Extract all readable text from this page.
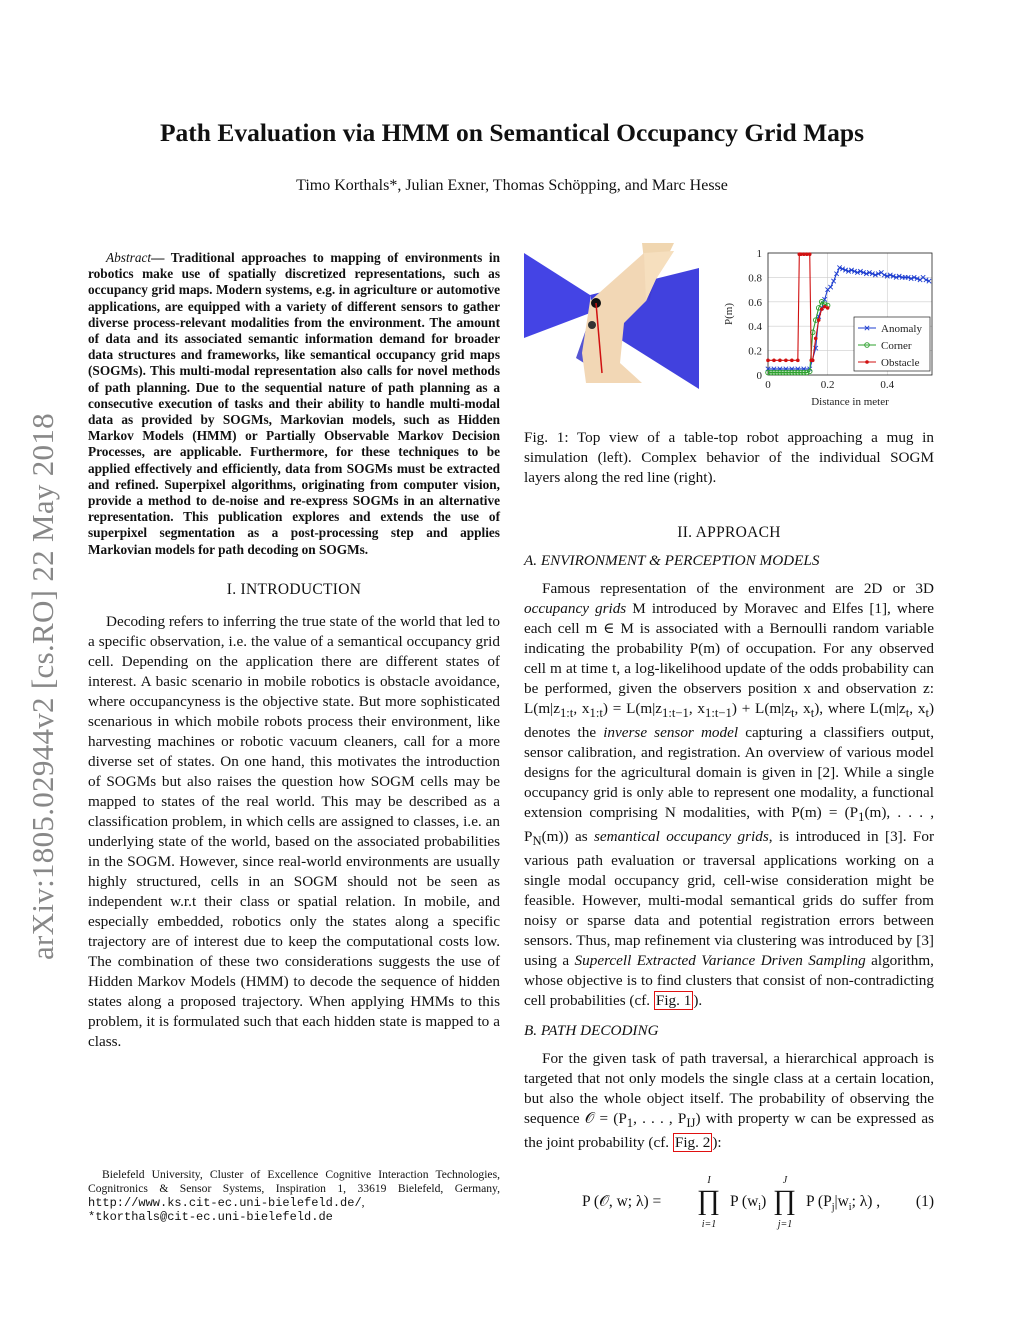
arXiv:1805.02944v2 [cs.RO] 22 May 2018
Path Evaluation via HMM on Semantical Occupancy Grid Maps
Timo Korthals*, Julian Exner, Thomas Schöpping, and Marc Hesse

Abstract— Traditional approaches to mapping of environments in robotics make use of spatially discretized representations, such as occupancy grid maps. Modern systems, e.g. in agriculture or automotive applications, are equipped with a variety of different sensors to gather diverse process-relevant modalities from the environment. The amount of data and its associated semantic information demand for broader data structures and frameworks, like semantical occupancy grid maps (SOGMs). This multi-modal representation also calls for novel methods of path planning. Due to the sequential nature of path planning as a consecutive execution of tasks and their ability to handle multi-modal data as provided by SOGMs, Markovian models, such as Hidden Markov Models (HMM) or Partially Observable Markov Decision Processes, are applicable. Furthermore, for these techniques to be applied effectively and efficiently, data from SOGMs must be extracted and refined. Superpixel algorithms, originating from computer vision, provide a method to de-noise and re-express SOGMs in an alternative representation. This publication explores and extends the use of superpixel segmentation as a post-processing step and applies Markovian models for path decoding on SOGMs.

I. INTRODUCTION

Decoding refers to inferring the true state of the world that led to a specific observation, i.e. the value of a semantical occupancy grid cell. Depending on the application there are different states of interest. A basic scenario in mobile robotics is obstacle avoidance, where occupancyness is the objective state. But more sophisticated scenarious in which mobile robots process their environment, like harvesting machines or robotic vacuum cleaners, call for a more diverse set of states. On one hand, this motivates the introduction of SOGMs but also raises the question how SOGM cells may be mapped to states of the real world. This may be described as a classification problem, in which cells are assigned to classes, i.e. an underlying state of the world, based on the associated probabilities in the SOGM. However, since real-world environments are usually highly structured, cells in an SOGM should not be seen as independent w.r.t their class or spatial relation. In mobile, and especially embedded, robotics only the states along a specific trajectory are of interest due to keep the computational costs low. The combination of these two considerations suggests the use of Hidden Markov Models (HMM) to decode the sequence of hidden states along a proposed trajectory. When applying HMMs to this problem, it is formulated such that each hidden state is mapped to a class.

Bielefeld University, Cluster of Excellence Cognitive Interaction Technologies, Cognitronics & Sensor Systems, Inspiration 1, 33619 Bielefeld, Germany, http://www.ks.cit-ec.uni-bielefeld.de/,
*tkorthals@cit-ec.uni-bielefeld.de
0
0.2
0.4
0.6
0.8
1
0	0.2	0.4
Distance in meter
P(m)
Anomaly
Corner
Obstacle
Fig. 1: Top view of a table-top robot approaching a mug in simulation (left). Complex behavior of the individual SOGM layers along the red line (right).

II. APPROACH

A. ENVIRONMENT & PERCEPTION MODELS

Famous representation of the environment are 2D or 3D occupancy grids M introduced by Moravec and Elfes [1], where each cell m ∈ M is associated with a Bernoulli random variable indicating the probability P(m) of occupation. For any observed cell m at time t, a log-likelihood update of the odds probability can be performed, given the observers position x and observation z: $L(m|z_{1:t}$, $x_{1:t}) = L(m|z_{1:t-1}$, $x_{1:t-1}) + L(m|z_t$, $x_t$), where $L(m|z_t$, $x_t$) denotes the inverse sensor model capturing a classifiers output, sensor calibration, and registration. An overview of various model designs for the agricultural domain is given in [2]. While a single occupancy grid is only able to represent one modality, a functional extension comprising N modalities, with $P(m) = (P_1(m)$, . . . , $P_N(m)$) as semantical occupancy grids, is introduced in [3]. For various path evaluation or traversal applications working on a single modal occupancy grid, cell-wise consideration might be feasible. However, multi-modal semantical grids do suffer from noisy or sparse data and potential registration errors between sensors. Thus, map refinement via clustering was introduced by [3] using a Supercell Extracted Variance Driven Sampling algorithm, whose objective is to find clusters that consist of non-contradicting cell probabilities (cf. Fig. 1 ).

B. PATH DECODING

For the given task of path traversal, a hierarchical approach is targeted that not only models the single class at a certain location, but also the whole object itself. The probability of observing the sequence 𝒪 = ($P_1$, . . . , $P_{IJ}$) with property w can be expressed as the joint probability (cf. Fig. 2 ):

P (𝒪, w; λ) =
I
∏
i=1
P $(w_i)$
J
∏
j=1
P ($P_j|w_i$; λ) , (1)
